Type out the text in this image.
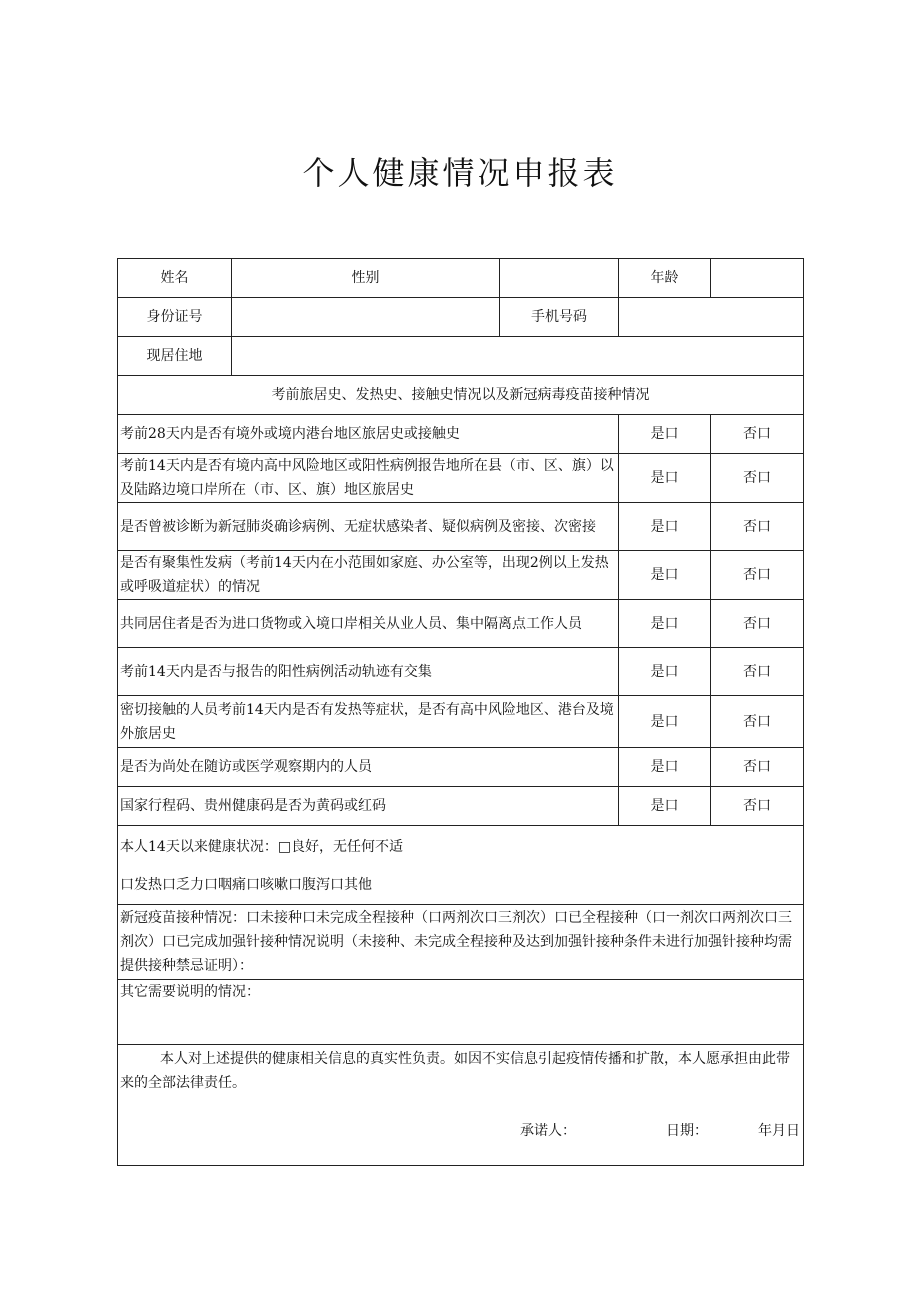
个人健康情况申报表
姓名	性别		年龄	
身份证号		手机号码		
现居住地				
考前旅居史、发热史、接触史情况以及新冠病毒疫苗接种情况				
考前28天内是否有境外或境内港台地区旅居史或接触史			是口	否口
考前14天内是否有境内高中风险地区或阳性病例报告地所在县（市、区、旗）以及陆路边境口岸所在（市、区、旗）地区旅居史			是口	否口
是否曾被诊断为新冠肺炎确诊病例、无症状感染者、疑似病例及密接、次密接			是口	否口
是否有聚集性发病（考前14天内在小范围如家庭、办公室等，出现2例以上发热或呼吸道症状）的情况			是口	否口
共同居住者是否为进口货物或入境口岸相关从业人员、集中隔离点工作人员			是口	否口
考前14天内是否与报告的阳性病例活动轨迹有交集			是口	否口
密切接触的人员考前14天内是否有发热等症状，是否有高中风险地区、港台及境外旅居史			是口	否口
是否为尚处在随访或医学观察期内的人员			是口	否口
国家行程码、贵州健康码是否为黄码或红码			是口	否口

本人14天以来健康状况：□良好，无任何不适
口发热口乏力口咽痛口咳嗽口腹泻口其他				

新冠疫苗接种情况：口未接种口未完成全程接种（口两剂次口三剂次）口已全程接种（口一剂次口两剂次口三剂次）口已完成加强针接种情况说明（未接种、未完成全程接种及达到加强针接种条件未进行加强针接种均需提供接种禁忌证明）：				
其它需要说明的情况：				

本人对上述提供的健康相关信息的真实性负责。如因不实信息引起疫情传播和扩散，本人愿承担由此带来的全部法律责任。
承诺人： 日期： 年月日				
